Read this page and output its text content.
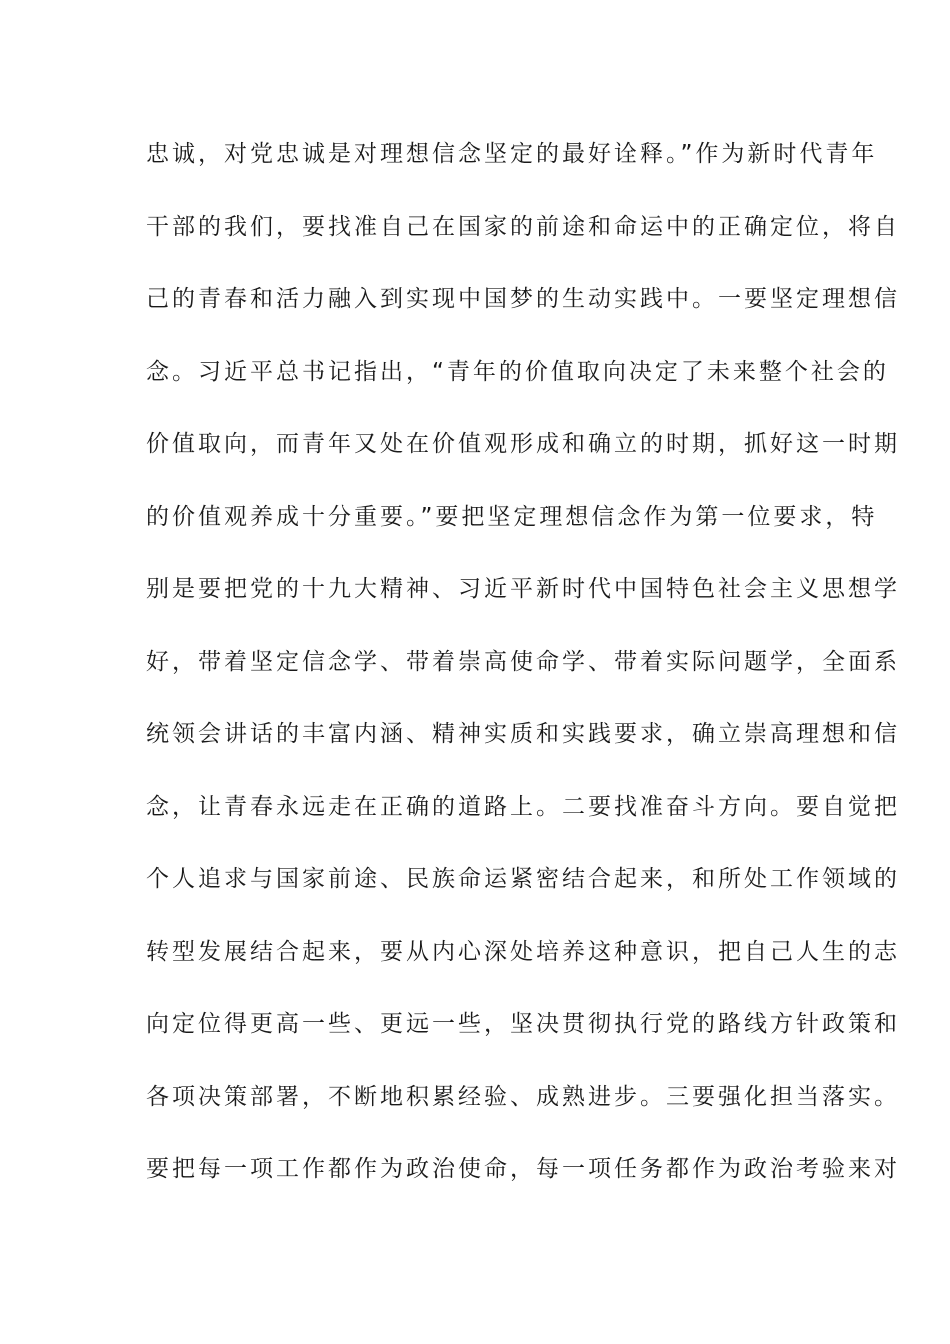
忠诚，对党忠诚是对理想信念坚定的最好诠释。”作为新时代青年
干部的我们，要找准自己在国家的前途和命运中的正确定位，将自
己的青春和活力融入到实现中国梦的生动实践中。一要坚定理想信
念。习近平总书记指出，“青年的价值取向决定了未来整个社会的
价值取向，而青年又处在价值观形成和确立的时期，抓好这一时期
的价值观养成十分重要。”要把坚定理想信念作为第一位要求，特
别是要把党的十九大精神、习近平新时代中国特色社会主义思想学
好，带着坚定信念学、带着崇高使命学、带着实际问题学，全面系
统领会讲话的丰富内涵、精神实质和实践要求，确立崇高理想和信
念，让青春永远走在正确的道路上。二要找准奋斗方向。要自觉把
个人追求与国家前途、民族命运紧密结合起来，和所处工作领域的
转型发展结合起来，要从内心深处培养这种意识，把自己人生的志
向定位得更高一些、更远一些，坚决贯彻执行党的路线方针政策和
各项决策部署，不断地积累经验、成熟进步。三要强化担当落实。
要把每一项工作都作为政治使命，每一项任务都作为政治考验来对
